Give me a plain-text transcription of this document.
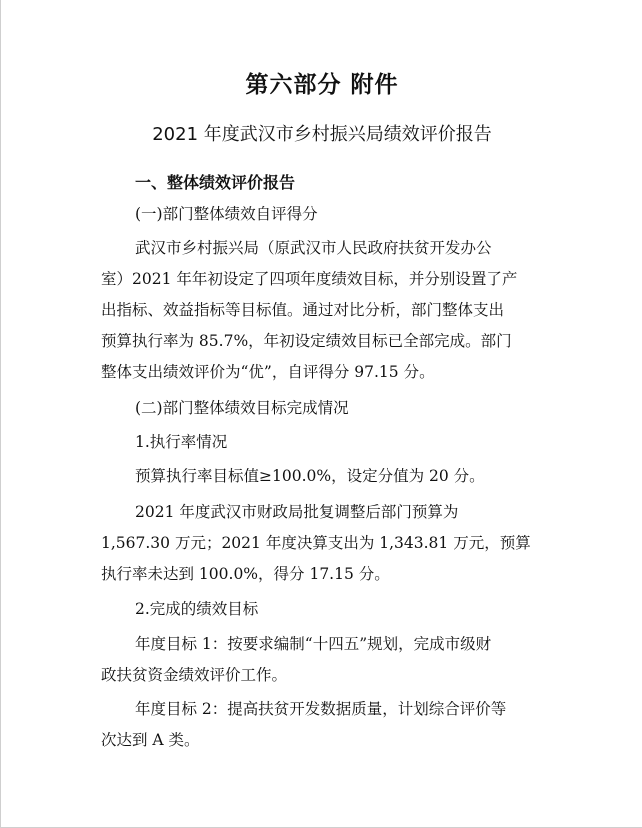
第六部分 附件
2021 年度武汉市乡村振兴局绩效评价报告
一、整体绩效评价报告
(一)部门整体绩效自评得分
武汉市乡村振兴局（原武汉市人民政府扶贫开发办公
室）2021 年年初设定了四项年度绩效目标，并分别设置了产
出指标、效益指标等目标值。通过对比分析，部门整体支出
预算执行率为 85.7%，年初设定绩效目标已全部完成。部门
整体支出绩效评价为“优”，自评得分 97.15 分。
(二)部门整体绩效目标完成情况
1.执行率情况
预算执行率目标值≥100.0%，设定分值为 20 分。
2021 年度武汉市财政局批复调整后部门预算为
1,567.30 万元；2021 年度决算支出为 1,343.81 万元，预算
执行率未达到 100.0%，得分 17.15 分。
2.完成的绩效目标
年度目标 1：按要求编制“十四五”规划，完成市级财
政扶贫资金绩效评价工作。
年度目标 2：提高扶贫开发数据质量，计划综合评价等
次达到 A 类。
